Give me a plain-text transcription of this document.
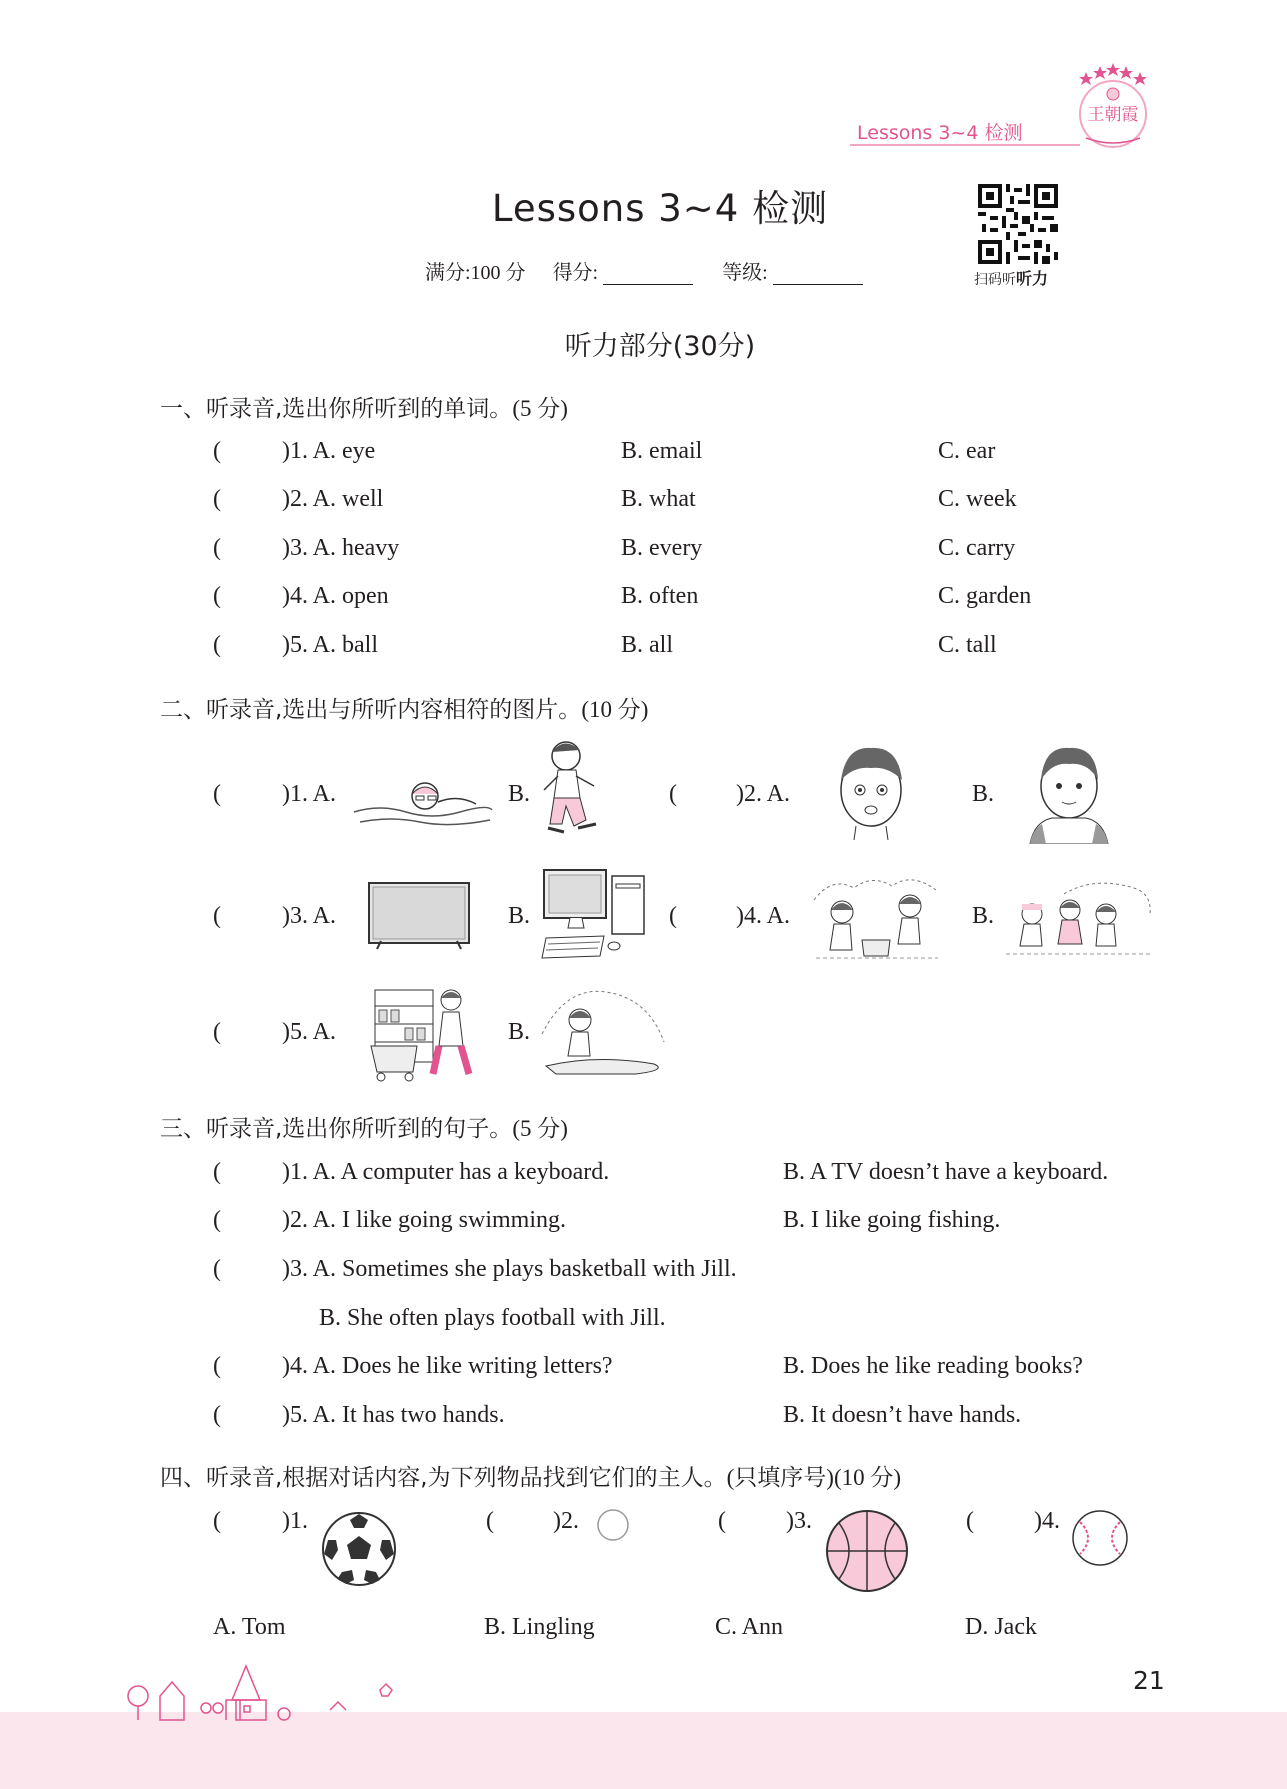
Lessons 3~4 检测
王朝霞
Lessons 3~4 检测
满分:100 分 得分:	等级:	扫码听听力
听力部分(30分)
一、听录音,选出你所听到的单词。(5 分)
(	)1. A. eye	B. email	C. ear
(	)2. A. well	B. what	C. week
(	)3. A. heavy	B. every	C. carry
(	)4. A. open	B. often	C. garden
(	)5. A. ball	B. all	C. tall
二、听录音,选出与所听内容相符的图片。(10 分)
(	)1. A.	B.	( )2. A.	B.
(	)3. A.	B.	( )4. A.	B.
(	)5. A.	B.
三、听录音,选出你所听到的句子。(5 分)
(	)1. A. A computer has a keyboard.	B. A TV doesn’t have a keyboard.
(	)2. A. I like going swimming.	B. I like going fishing.
(	)3. A. Sometimes she plays basketball with Jill.
B. She often plays football with Jill.
(	)4. A. Does he like writing letters?	B. Does he like reading books?
(	)5. A. It has two hands.	B. It doesn’t have hands.
四、听录音,根据对话内容,为下列物品找到它们的主人。(只填序号)(10 分)
(	)1.	( )2.	(	)3.	(	)4.
A. Tom	B. Lingling	C. Ann	D. Jack
21
